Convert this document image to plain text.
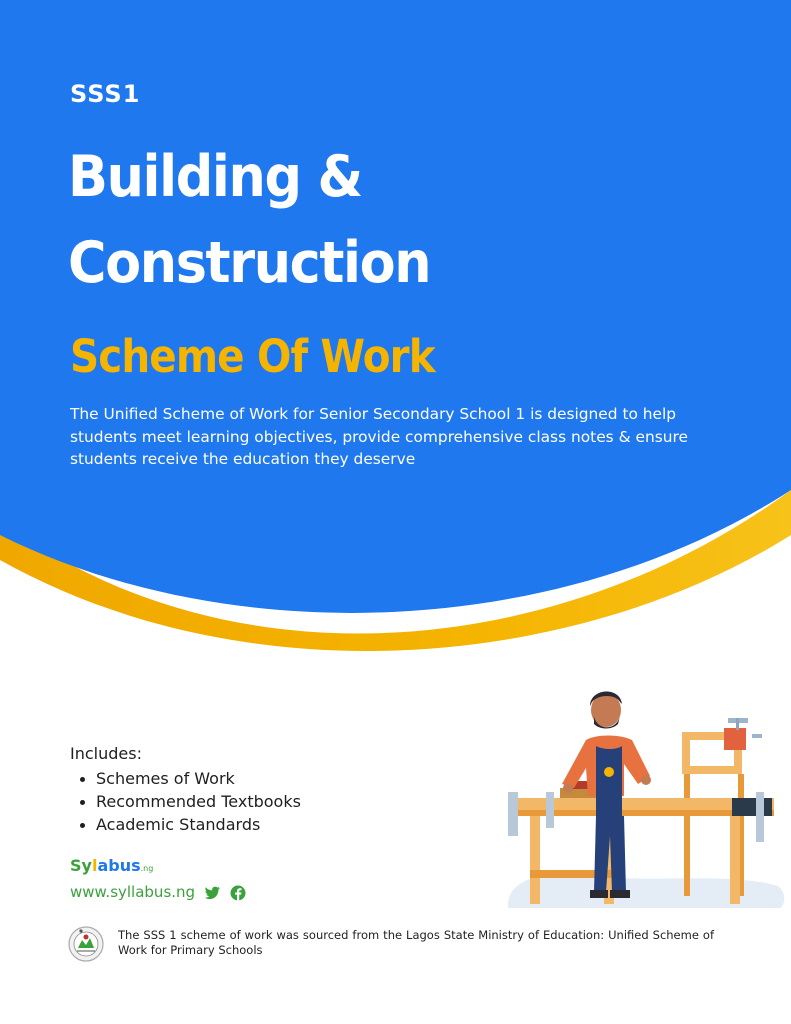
SSS1
Building &
Construction
Scheme Of Work
The Unified Scheme of Work for Senior Secondary School 1 is designed to help students meet learning objectives, provide comprehensive class notes & ensure students receive the education they deserve
Includes:
Schemes of Work
Recommended Textbooks
Academic Standards
Sylabus.ng
www.syllabus.ng
The SSS 1 scheme of work was sourced from the Lagos State Ministry of Education: Unified Scheme of Work for Primary Schools
